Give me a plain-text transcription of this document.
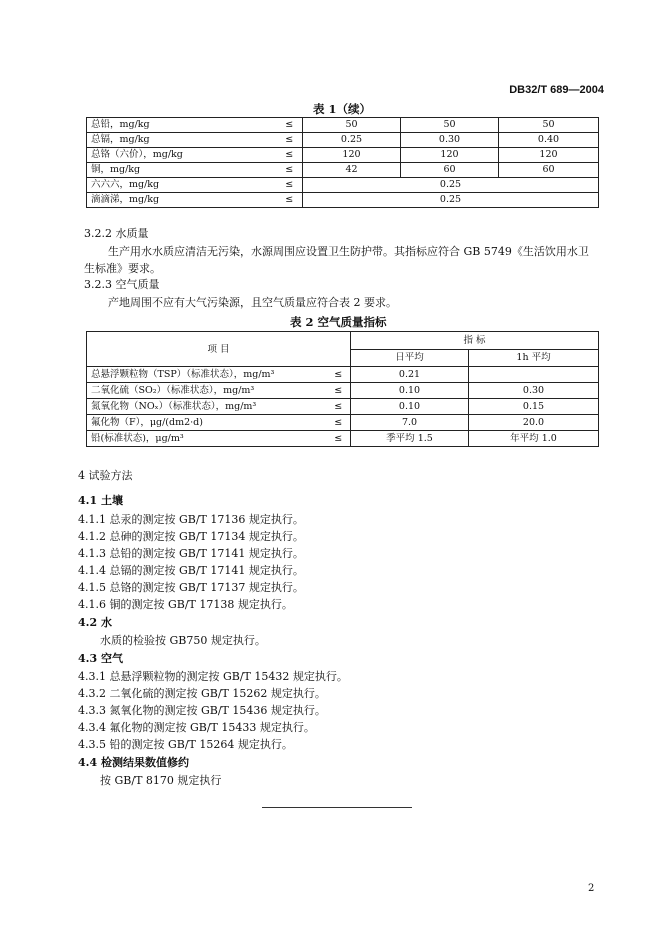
DB32/T 689—2004
表 1（续）
总铅，mg/kg	≤	50	50	50
总镉，mg/kg	≤	0.25	0.30	0.40
总铬（六价），mg/kg	≤	120	120	120
铜，mg/kg	≤	42	60	60
六六六，mg/kg	≤	0.25		
滴滴涕，mg/kg	≤	0.25		
3.2.2 水质量
生产用水水质应清洁无污染，水源周围应设置卫生防护带。其指标应符合 GB 5749《生活饮用水卫
生标准》要求。
3.2.3 空气质量
产地周围不应有大气污染源，且空气质量应符合表 2 要求。
表 2 空气质量指标
项 目		指 标	
		日平均	1h 平均
总悬浮颗粒物（TSP）（标准状态），mg/m³	≤	0.21	
二氧化硫（SO₂）（标准状态），mg/m³	≤	0.10	0.30
氮氧化物（NOₓ）（标准状态），mg/m³	≤	0.10	0.15
氟化物（F），μg/(dm2·d)	≤	7.0	20.0
铅(标准状态)，μg/m³	≤	季平均 1.5	年平均 1.0
4 试验方法
4.1 土壤
4.1.1 总汞的测定按 GB/T 17136 规定执行。
4.1.2 总砷的测定按 GB/T 17134 规定执行。
4.1.3 总铅的测定按 GB/T 17141 规定执行。
4.1.4 总镉的测定按 GB/T 17141 规定执行。
4.1.5 总铬的测定按 GB/T 17137 规定执行。
4.1.6 铜的测定按 GB/T 17138 规定执行。
4.2 水
水质的检验按 GB750 规定执行。
4.3 空气
4.3.1 总悬浮颗粒物的测定按 GB/T 15432 规定执行。
4.3.2 二氧化硫的测定按 GB/T 15262 规定执行。
4.3.3 氮氧化物的测定按 GB/T 15436 规定执行。
4.3.4 氟化物的测定按 GB/T 15433 规定执行。
4.3.5 铅的测定按 GB/T 15264 规定执行。
4.4 检测结果数值修约
按 GB/T 8170 规定执行
2
